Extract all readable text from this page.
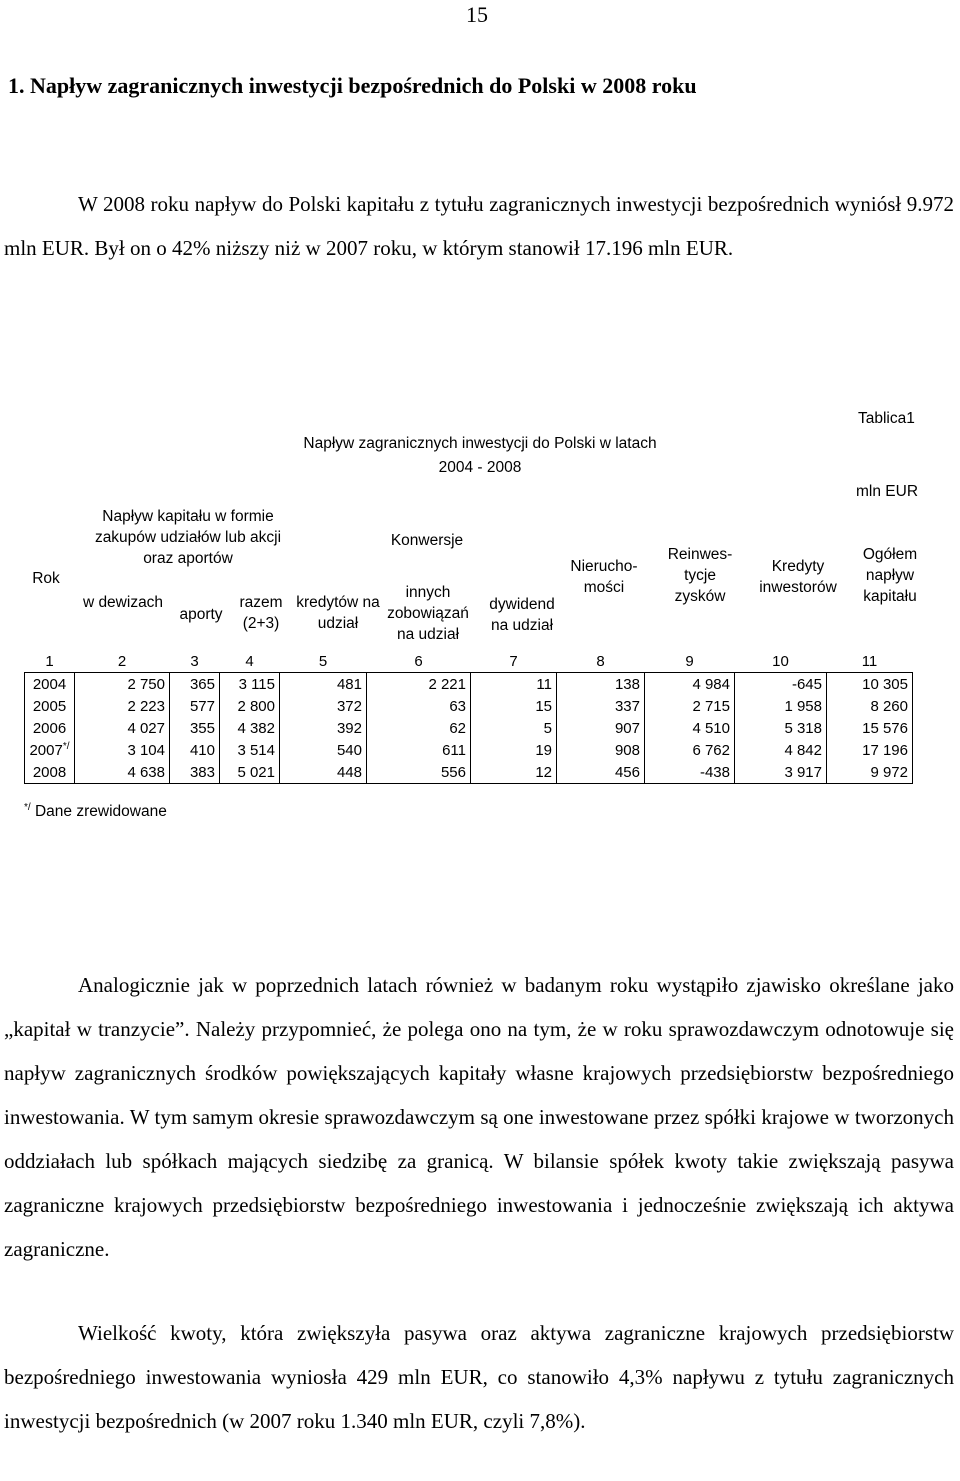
15
1. Napływ zagranicznych inwestycji bezpośrednich do Polski w 2008 roku
W 2008 roku napływ do Polski kapitału z tytułu zagranicznych inwestycji bezpośrednich wyniósł 9.972 mln EUR. Był on o 42% niższy niż w 2007 roku, w którym stanowił 17.196 mln EUR.
Tablica1
mln EUR
Napływ zagranicznych inwestycji do Polski w latach 2004 - 2008
Rok
Napływ kapitału w formie zakupów udziałów lub akcji oraz aportów
w dewizach
aporty
razem (2+3)
Konwersje
kredytów na udział
innych zobowiązań na udział
dywidend na udział
Nierucho-mości
Reinwes-tycje zysków
Kredyty inwestorów
Ogółem napływ kapitału
1	2	3	4	5	6	7	8	9	10	11
2004	2 750	365	3 115	481	2 221	11	138	4 984	-645	10 305
2005	2 223	577	2 800	372	63	15	337	2 715	1 958	8 260
2006	4 027	355	4 382	392	62	5	907	4 510	5 318	15 576
2007*/	3 104	410	3 514	540	611	19	908	6 762	4 842	17 196
2008	4 638	383	5 021	448	556	12	456	-438	3 917	9 972
*/ Dane zrewidowane
Analogicznie jak w poprzednich latach również w badanym roku wystąpiło zjawisko określane jako „kapitał w tranzycie”. Należy przypomnieć, że polega ono na tym, że w roku sprawozdawczym odnotowuje się napływ zagranicznych środków powiększających kapitały własne krajowych przedsiębiorstw bezpośredniego inwestowania. W tym samym okresie sprawozdawczym są one inwestowane przez spółki krajowe w tworzonych oddziałach lub spółkach mających siedzibę za granicą. W bilansie spółek kwoty takie zwiększają pasywa zagraniczne krajowych przedsiębiorstw bezpośredniego inwestowania i jednocześnie zwiększają ich aktywa zagraniczne.
Wielkość kwoty, która zwiększyła pasywa oraz aktywa zagraniczne krajowych przedsiębiorstw bezpośredniego inwestowania wyniosła 429 mln EUR, co stanowiło 4,3% napływu z tytułu zagranicznych inwestycji bezpośrednich (w 2007 roku 1.340 mln EUR, czyli 7,8%).
